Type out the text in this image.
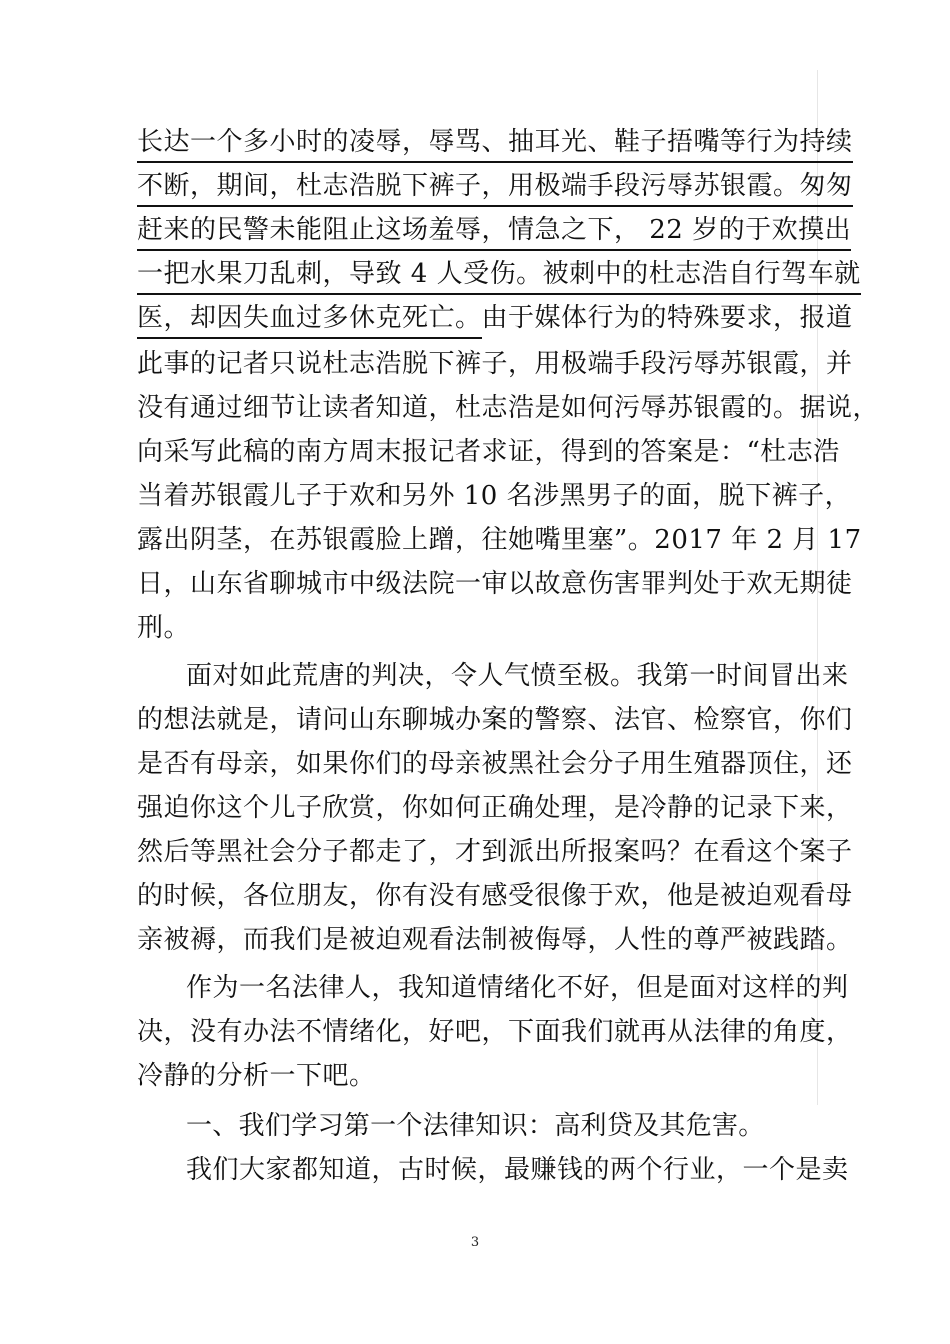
长达一个多小时的凌辱，辱骂、抽耳光、鞋子捂嘴等行为持续
不断，期间，杜志浩脱下裤子，用极端手段污辱苏银霞。匆匆
赶来的民警未能阻止这场羞辱，情急之下， 22 岁的于欢摸出
一把水果刀乱刺，导致 4 人受伤。被刺中的杜志浩自行驾车就
医，却因失血过多休克死亡。由于媒体行为的特殊要求，报道
此事的记者只说杜志浩脱下裤子，用极端手段污辱苏银霞，并
没有通过细节让读者知道，杜志浩是如何污辱苏银霞的。据说，
向采写此稿的南方周末报记者求证，得到的答案是：“杜志浩
当着苏银霞儿子于欢和另外 10 名涉黑男子的面，脱下裤子，
露出阴茎，在苏银霞脸上蹭，往她嘴里塞”。2017 年 2 月 17
日，山东省聊城市中级法院一审以故意伤害罪判处于欢无期徒
刑。
面对如此荒唐的判决，令人气愤至极。我第一时间冒出来
的想法就是，请问山东聊城办案的警察、法官、检察官，你们
是否有母亲，如果你们的母亲被黑社会分子用生殖器顶住，还
强迫你这个儿子欣赏，你如何正确处理，是冷静的记录下来，
然后等黑社会分子都走了，才到派出所报案吗？在看这个案子
的时候，各位朋友，你有没有感受很像于欢，他是被迫观看母
亲被褥，而我们是被迫观看法制被侮辱，人性的尊严被践踏。
作为一名法律人，我知道情绪化不好，但是面对这样的判
决，没有办法不情绪化，好吧，下面我们就再从法律的角度，
冷静的分析一下吧。
一、我们学习第一个法律知识：高利贷及其危害。
我们大家都知道，古时候，最赚钱的两个行业，一个是卖
3
